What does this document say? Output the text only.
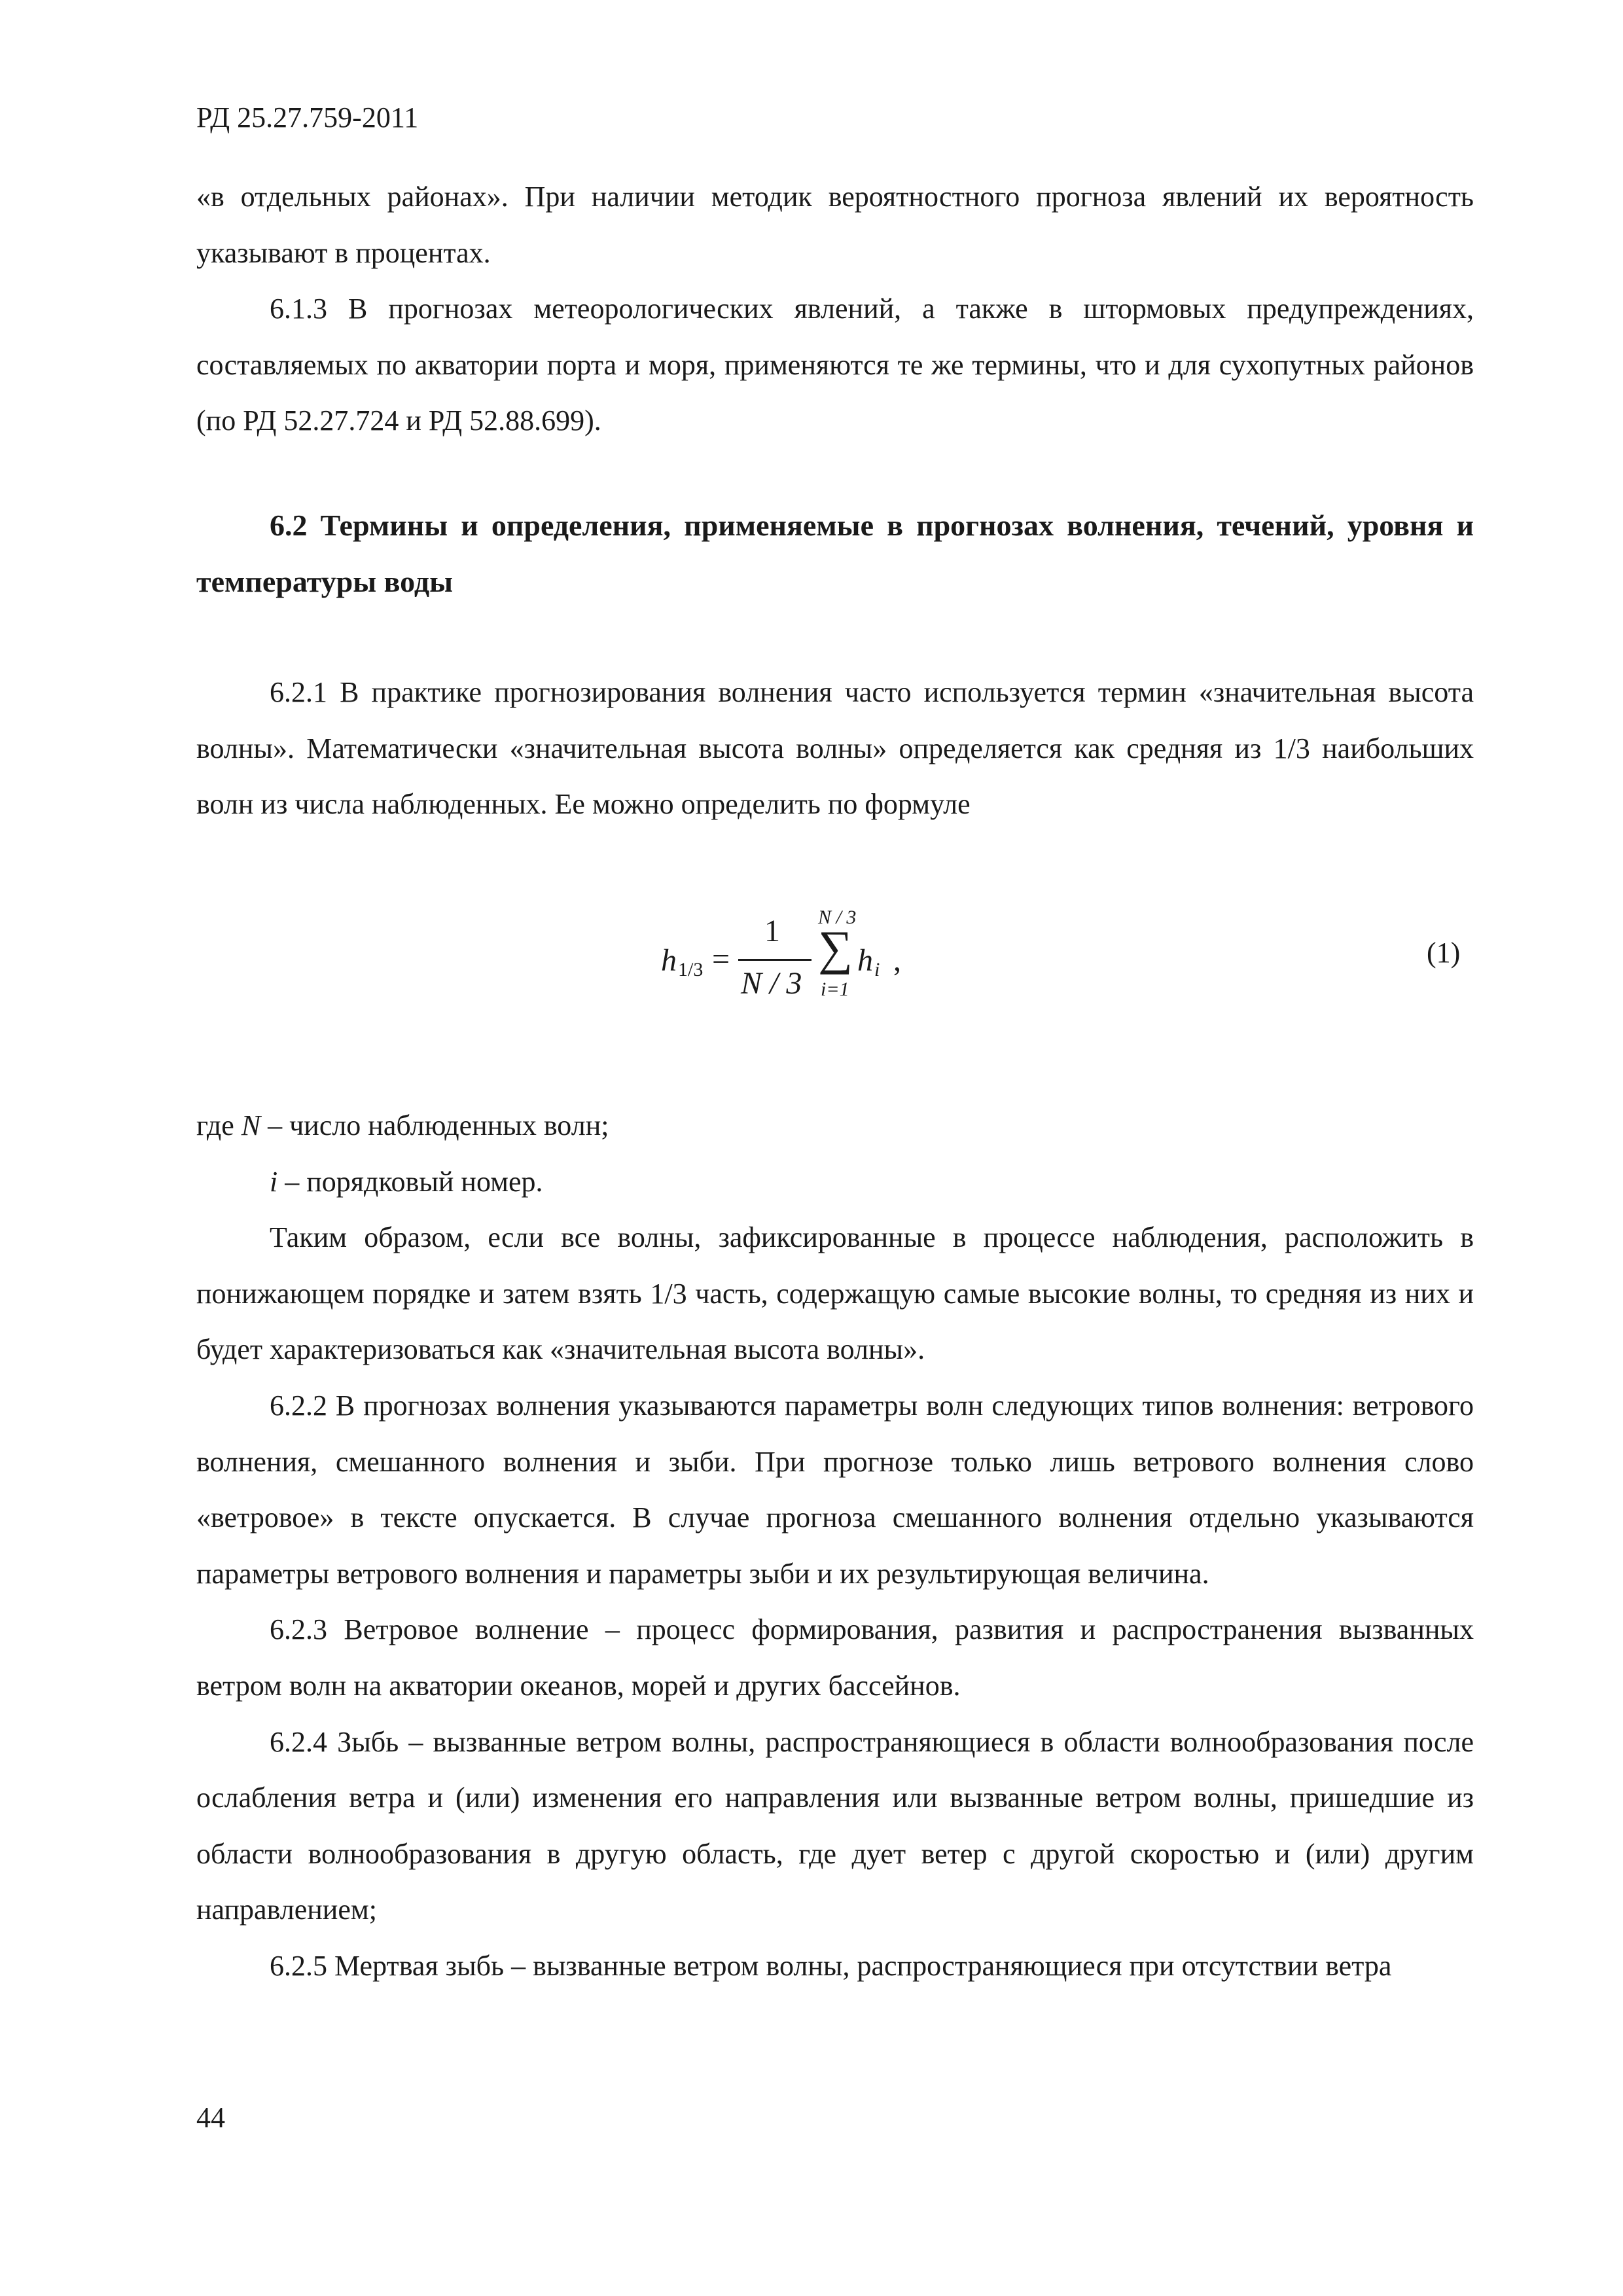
РД 25.27.759-2011

«в отдельных районах». При наличии методик вероятностного прогноза явлений их вероятность указывают в процентах.

6.1.3 В прогнозах метеорологических явлений, а также в штормовых предупреждениях, составляемых по акватории порта и моря, применяются те же термины, что и для сухопутных районов (по РД 52.27.724 и РД 52.88.699).

6.2 Термины и определения, применяемые в прогнозах волнения, течений, уровня и температуры воды

6.2.1 В практике прогнозирования волнения часто используется термин «значительная высота волны». Математически «значительная высота волны» определяется как средняя из 1/3 наибольших волн из числа наблюденных. Ее можно определить по формуле

h 1/3 =
1
N / 3
N / 3
∑
i=1
h i ,	(1)

где N – число наблюденных волн;

i – порядковый номер.

Таким образом, если все волны, зафиксированные в процессе наблюдения, расположить в понижающем порядке и затем взять 1/3 часть, содержащую самые высокие волны, то средняя из них и будет характеризоваться как «значительная высота волны».

6.2.2 В прогнозах волнения указываются параметры волн следующих типов волнения: ветрового волнения, смешанного волнения и зыби. При прогнозе только лишь ветрового волнения слово «ветровое» в тексте опускается. В случае прогноза смешанного волнения отдельно указываются параметры ветрового волнения и параметры зыби и их результирующая величина.

6.2.3 Ветровое волнение – процесс формирования, развития и распространения вызванных ветром волн на акватории океанов, морей и других бассейнов.

6.2.4 Зыбь – вызванные ветром волны, распространяющиеся в области волнообразования после ослабления ветра и (или) изменения его направления или вызванные ветром волны, пришедшие из области волнообразования в другую область, где дует ветер с другой скоростью и (или) другим направлением;

6.2.5 Мертвая зыбь – вызванные ветром волны, распространяющиеся при отсутствии ветра

44
